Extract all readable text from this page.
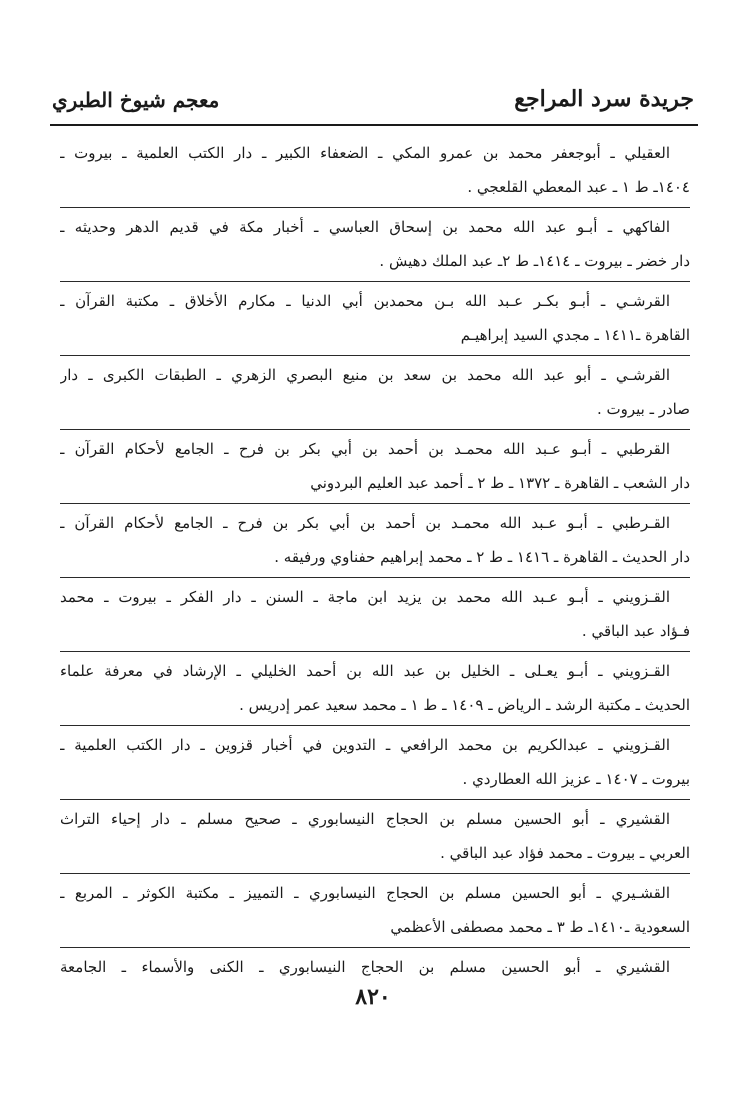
جريدة سرد المراجع
معجم شيوخ الطبري
العقيلي ـ أبوجعفر محمد بن عمرو المكي ـ الضعفاء الكبير ـ دار الكتب العلمية ـ بيروت ـ
١٤٠٤ـ ط ١ ـ عبد المعطي القلعجي .
الفاكهي ـ أبـو عبد الله محمد بن إسحاق العباسي ـ أخبار مكة في قديم الدهر وحديثه ـ
دار خضر ـ بيروت ـ ١٤١٤ـ ط ٢ـ عبد الملك دهيش .
القرشـي ـ أبـو بكـر عـبد الله بـن محمدبن أبي الدنيا ـ مكارم الأخلاق ـ مكتبة القرآن ـ
القاهرة ـ١٤١١ ـ مجدي السيد إبراهيـم
القرشـي ـ أبو عبد الله محمد بن سعد بن منيع البصري الزهري ـ الطبقات الكبرى ـ دار
صادر ـ بيروت .
القرطبي ـ أبـو عـبد الله محمـد بن أحمد بن أبي بكر بن فرح ـ الجامع لأحكام القرآن ـ
دار الشعب ـ القاهرة ـ ١٣٧٢ ـ ط ٢ ـ أحمد عبد العليم البردوني
القـرطبي ـ أبـو عـبد الله محمـد بن أحمد بن أبي بكر بن فرح ـ الجامع لأحكام القرآن ـ
دار الحديث ـ القاهرة ـ ١٤١٦ ـ ط ٢ ـ محمد إبراهيم حفناوي ورفيقه .
القـزويني ـ أبـو عـبد الله محمد بن يزيد ابن ماجة ـ السنن ـ دار الفكر ـ بيروت ـ محمد
فـؤاد عبد الباقي .
القـزويني ـ أبـو يعـلى ـ الخليل بن عبد الله بن أحمد الخليلي ـ الإرشاد في معرفة علماء
الحديث ـ مكتبة الرشد ـ الرياض ـ ١٤٠٩ ـ ط ١ ـ محمد سعيد عمر إدريس .
القـزويني ـ عبدالكريم بن محمد الرافعي ـ التدوين في أخبار قزوين ـ دار الكتب العلمية ـ
بيروت ـ ١٤٠٧ ـ عزيز الله العطاردي .
القشيري ـ أبو الحسين مسلم بن الحجاج النيسابوري ـ صحيح مسلم ـ دار إحياء التراث
العربي ـ بيروت ـ محمد فؤاد عبد الباقي .
القشـيري ـ أبو الحسين مسلم بن الحجاج النيسابوري ـ التمييز ـ مكتبة الكوثر ـ المربع ـ
السعودية ـ١٤١٠ـ ط ٣ ـ محمد مصطفى الأعظمي
القشيري ـ أبو الحسين مسلم بن الحجاج النيسابوري ـ الكنى والأسماء ـ الجامعة
٨٢٠
